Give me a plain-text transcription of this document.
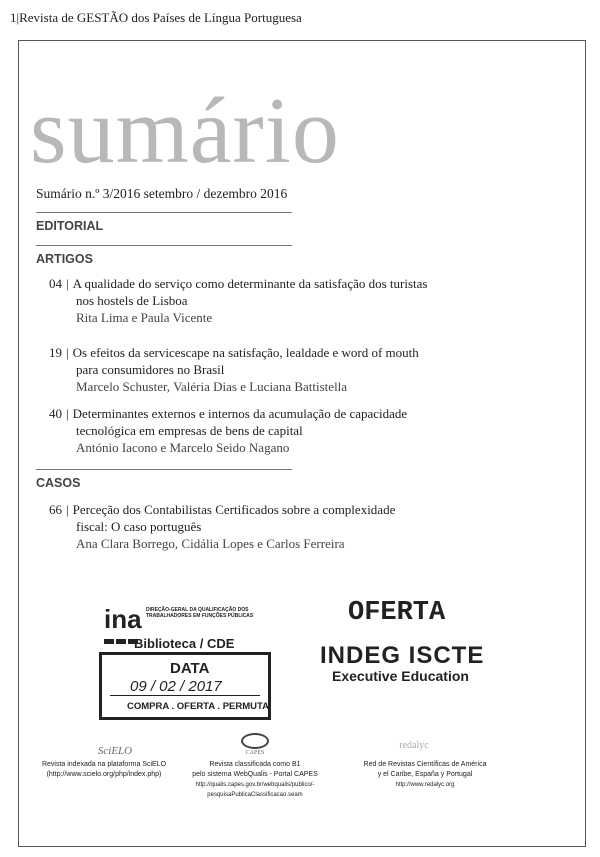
1|Revista de GESTÃO dos Países de Língua Portuguesa
sumário
Sumário n.º 3/2016 setembro / dezembro 2016
EDITORIAL
ARTIGOS
04 | A qualidade do serviço como determinante da satisfação dos turistas
nos hostels de Lisboa
Rita Lima e Paula Vicente
19 | Os efeitos da servicescape na satisfação, lealdade e word of mouth
para consumidores no Brasil
Marcelo Schuster, Valéria Dias e Luciana Battistella
40 | Determinantes externos e internos da acumulação de capacidade
tecnológica em empresas de bens de capital
António Iacono e Marcelo Seido Nagano
CASOS
66 | Perceção dos Contabilistas Certificados sobre a complexidade
fiscal: O caso português
Ana Clara Borrego, Cidália Lopes e Carlos Ferreira
ina DIREÇÃO-GERAL DA QUALIFICAÇÃO DOS TRABALHADORES EM FUNÇÕES PÚBLICAS
Biblioteca / CDE
DATA
09 / 02 / 2017
COMPRA . OFERTA . PERMUTA
OFERTA
INDEG ISCTE
Executive Education
SciELO
Revista indexada na plataforma SciELO
(http://www.scielo.org/php/index.php)
CAPES
Revista classificada como B1
pelo sistema WebQualis - Portal CAPES
http://qualis.capes.gov.br/webqualis/publico/-
pesquisaPublicaClassificacao.seam
redalyc
Red de Revistas Científicas de América
y el Caribe, España y Portugal
http://www.redalyc.org
